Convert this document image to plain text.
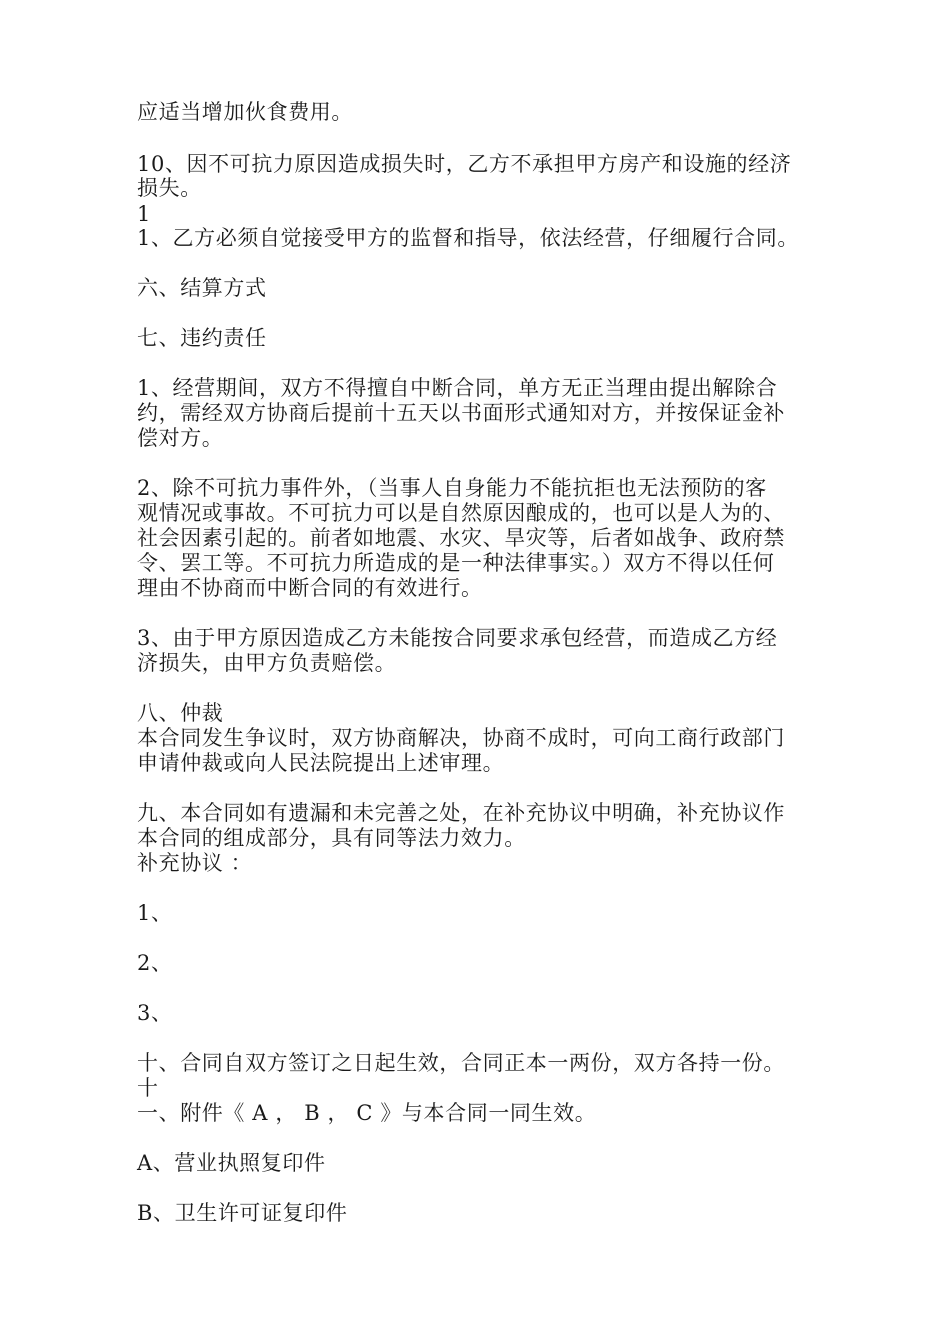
应适当增加伙食费用。
10、因不可抗力原因造成损失时，乙方不承担甲方房产和设施的经济
损失。
1
1、乙方必须自觉接受甲方的监督和指导，依法经营，仔细履行合同。
六、结算方式
七、违约责任
1、经营期间，双方不得擅自中断合同，单方无正当理由提出解除合
约，需经双方协商后提前十五天以书面形式通知对方，并按保证金补
偿对方。
2、除不可抗力事件外，（当事人自身能力不能抗拒也无法预防的客
观情况或事故。不可抗力可以是自然原因酿成的，也可以是人为的、
社会因素引起的。前者如地震、水灾、旱灾等，后者如战争、政府禁
令、罢工等。不可抗力所造成的是一种法律事实。）双方不得以任何
理由不协商而中断合同的有效进行。
3、由于甲方原因造成乙方未能按合同要求承包经营，而造成乙方经
济损失，由甲方负责赔偿。
八、仲裁
本合同发生争议时，双方协商解决，协商不成时，可向工商行政部门
申请仲裁或向人民法院提出上述审理。
九、本合同如有遗漏和未完善之处，在补充协议中明确，补充协议作
本合同的组成部分，具有同等法力效力。
补充协议 ：
1、
2、
3、
十、合同自双方签订之日起生效，合同正本一两份，双方各持一份。
十
一、附件《 A ， B ， C 》与本合同一同生效。
A、营业执照复印件
B、卫生许可证复印件
